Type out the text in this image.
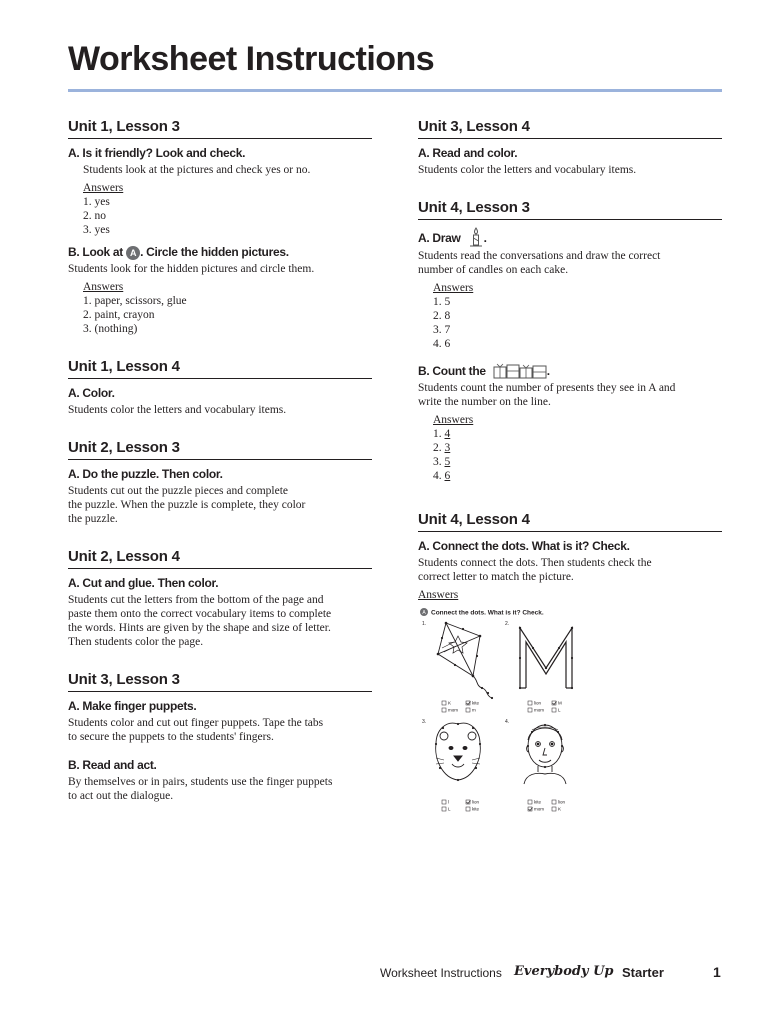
Worksheet Instructions
Unit 1, Lesson 3

A. Is it friendly? Look and check.

Students look at the pictures and check yes or no.

Answers
1. yes
2. no
3. yes

B. Look at A . Circle the hidden pictures.

Students look for the hidden pictures and circle them.

Answers
1. paper, scissors, glue
2. paint, crayon
3. (nothing)
Unit 1, Lesson 4

A. Color.

Students color the letters and vocabulary items.

Unit 2, Lesson 3

A. Do the puzzle. Then color.

Students cut out the puzzle pieces and complete
the puzzle. When the puzzle is complete, they color
the puzzle.
Unit 2, Lesson 4

A. Cut and glue. Then color.

Students cut the letters from the bottom of the page and
paste them onto the correct vocabulary items to complete
the words. Hints are given by the shape and size of letter.
Then students color the page.
Unit 3, Lesson 3

A. Make finger puppets.

Students color and cut out finger puppets. Tape the tabs
to secure the puppets to the students' fingers.

B. Read and act.

By themselves or in pairs, students use the finger puppets
to act out the dialogue.
Unit 3, Lesson 4

A. Read and color.

Students color the letters and vocabulary items.

Unit 4, Lesson 3

A. Draw .

Students read the conversations and draw the correct
number of candles on each cake.
Answers
1. 5
2. 8
3. 7
4. 6

B. Count the	.

Students count the number of presents they see in A and
write the number on the line.
Answers
1. 4
2. 3
3. 5
4. 6
Unit 4, Lesson 4

A. Connect the dots. What is it? Check.

Students connect the dots. Then students check the
correct letter to match the picture.
Answers
A Connect the dots. What is it? Check.
1.	2.
3.	4.
K	kite
mom	m
lion	M
mom	L
l	lion
L	kite
kite	lion
mom	K
Worksheet Instructions Everybody Up Starter	1
